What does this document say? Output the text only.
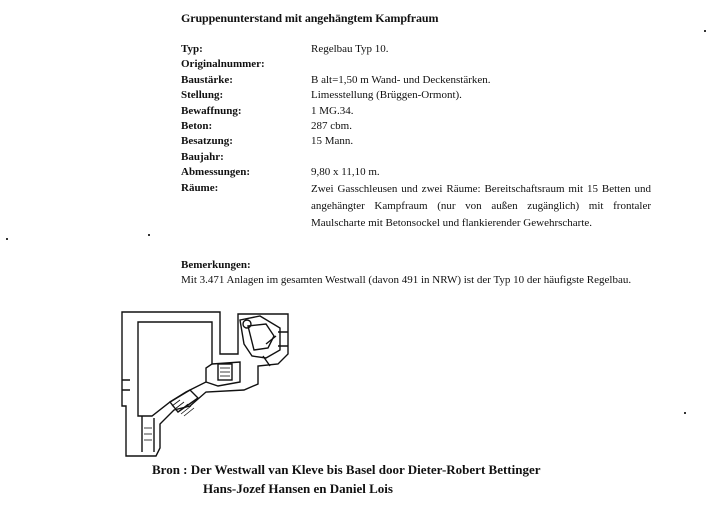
Gruppenunterstand mit angehängtem Kampfraum
Typ:	Regelbau Typ 10.
Originalnummer:
Baustärke:	B alt=1,50 m Wand- und Deckenstärken.
Stellung:	Limesstellung (Brüggen-Ormont).
Bewaffnung:	1 MG.34.
Beton:	287 cbm.
Besatzung:	15 Mann.
Baujahr:
Abmessungen:	9,80 x 11,10 m.
Räume:	Zwei Gasschleusen und zwei Räume: Bereitschaftsraum mit 15 Betten und angehängter Kampfraum (nur von außen zugänglich) mit frontaler Maulscharte mit Betonsockel und flankierender Gewehrscharte.
Bemerkungen:
Mit 3.471 Anlagen im gesamten Westwall (davon 491 in NRW) ist der Typ 10 der häufigste Regelbau.
Bron : Der Westwall van Kleve bis Basel door Dieter-Robert Bettinger
Hans-Jozef Hansen en Daniel Lois
